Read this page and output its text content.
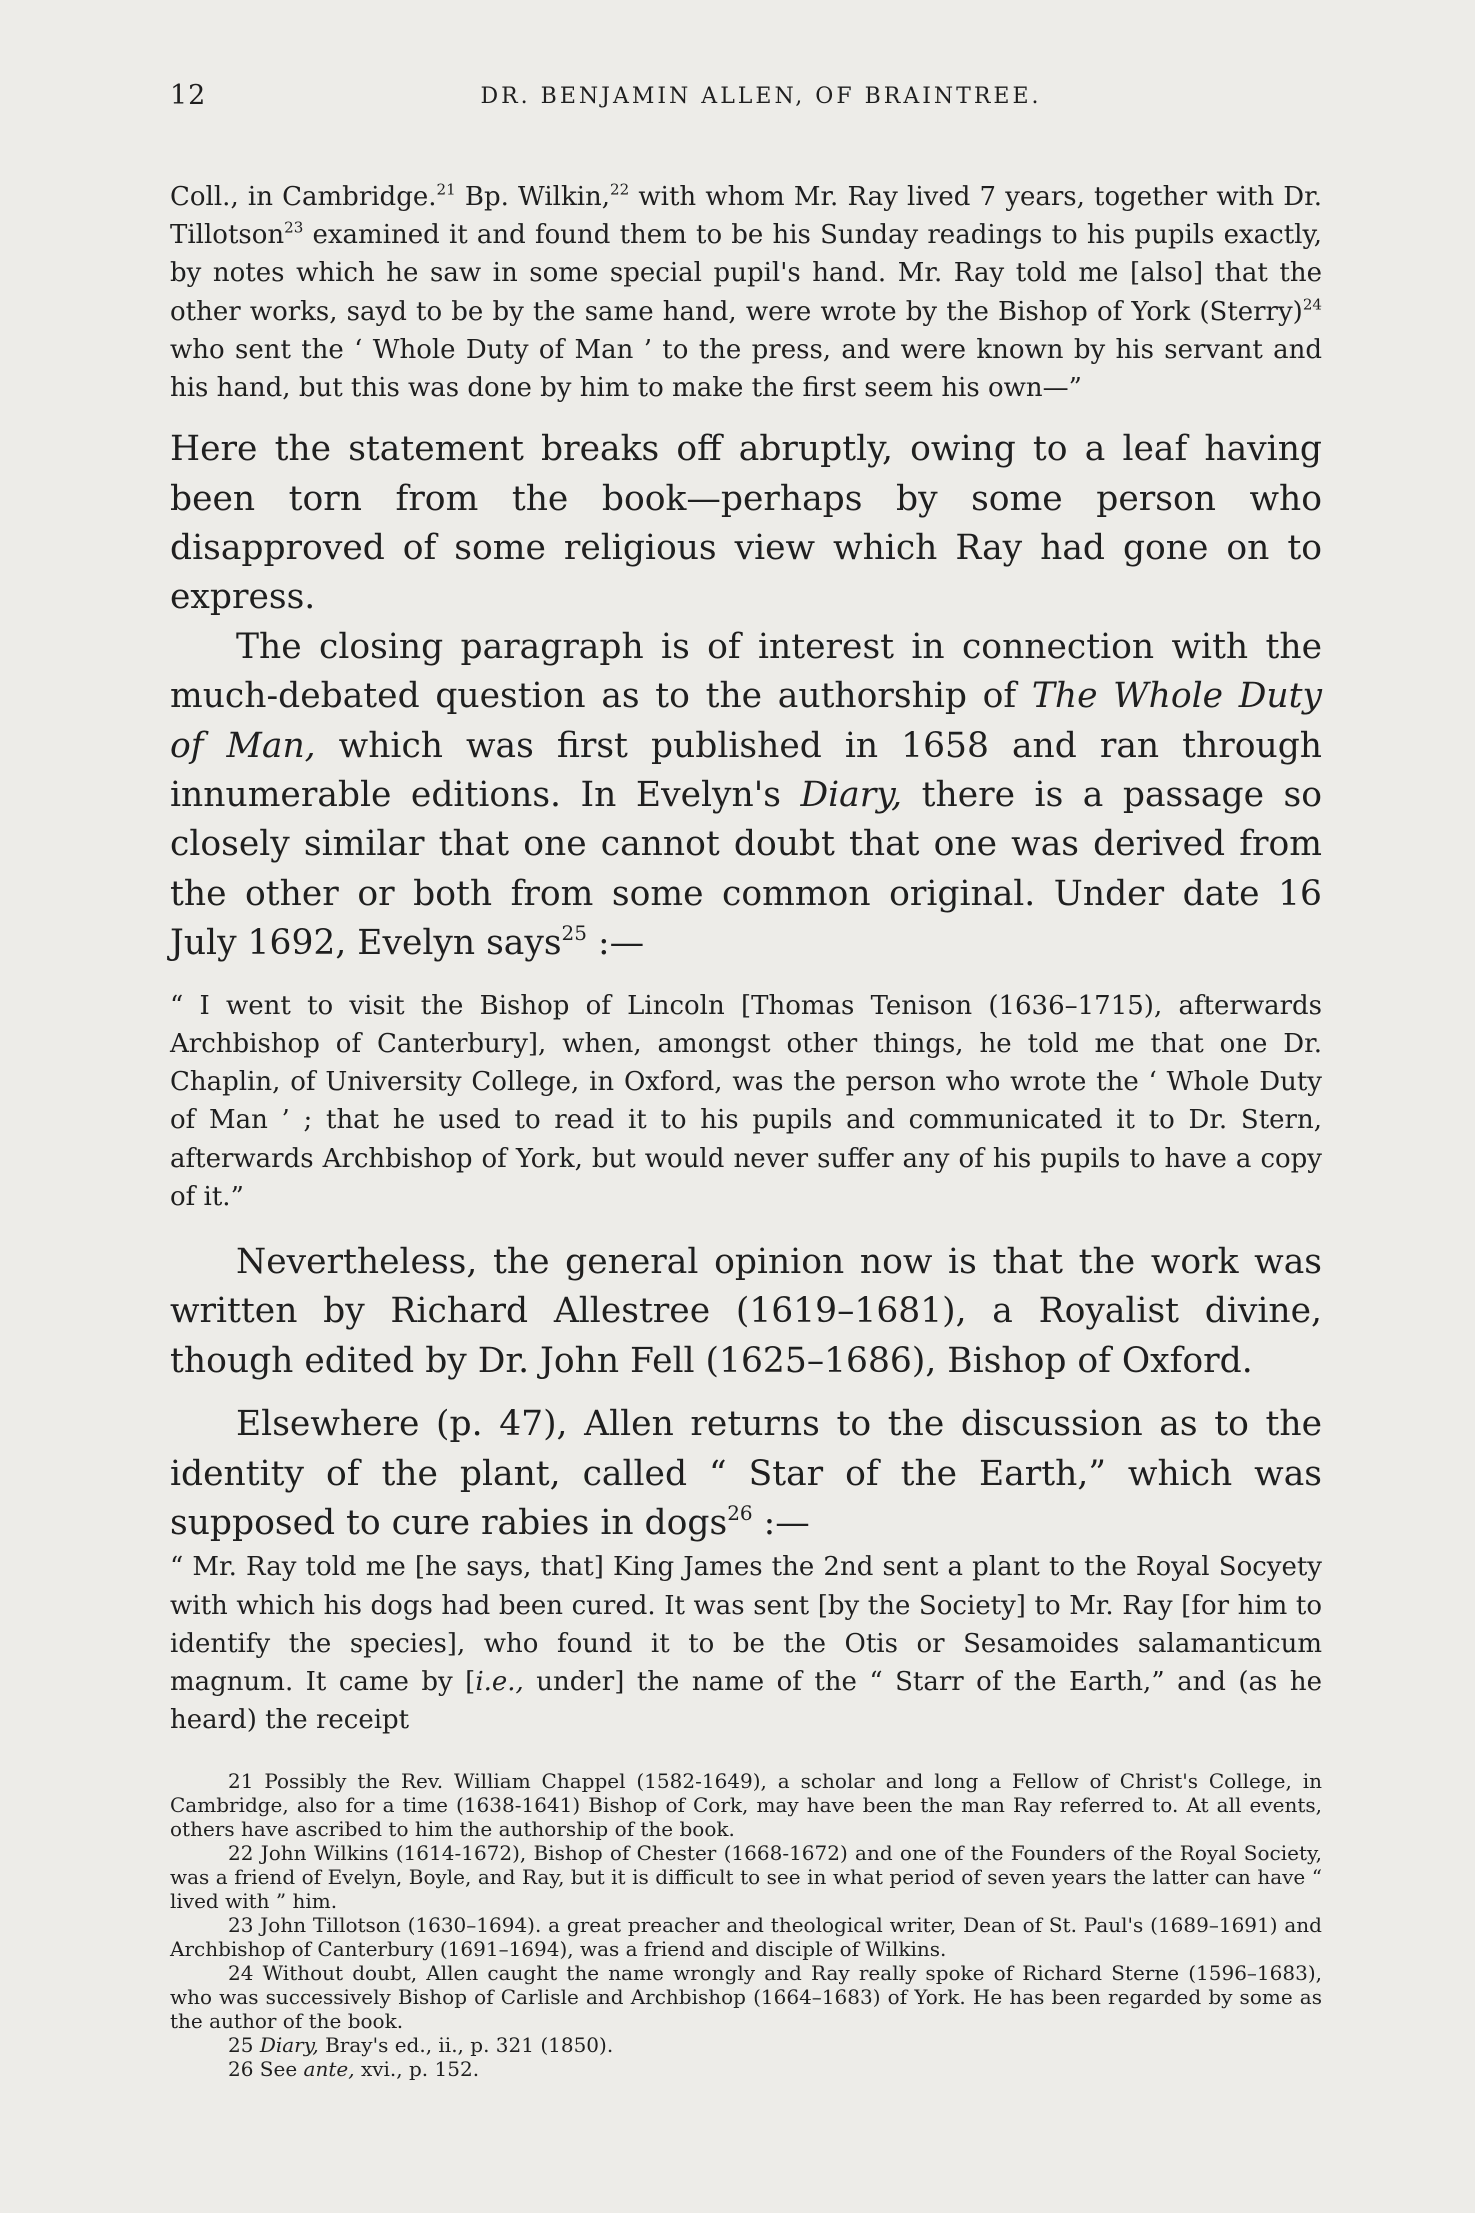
12	DR. BENJAMIN ALLEN, OF BRAINTREE.

Coll., in Cambridge.$^{21}$ Bp. Wilkin,$^{22}$ with whom Mr. Ray lived 7 years, together with Dr. Tillotson$^{23}$ examined it and found them to be his Sunday readings to his pupils exactly, by notes which he saw in some special pupil's hand. Mr. Ray told me [also] that the other works, sayd to be by the same hand, were wrote by the Bishop of York (Sterry)$^{24}$ who sent the ‘ Whole Duty of Man ’ to the press, and were known by his servant and his hand, but this was done by him to make the first seem his own—”

Here the statement breaks off abruptly, owing to a leaf having been torn from the book—perhaps by some person who disapproved of some religious view which Ray had gone on to express.

The closing paragraph is of interest in connection with the much-debated question as to the authorship of The Whole Duty of Man, which was first published in 1658 and ran through innumerable editions. In Evelyn's Diary, there is a passage so closely similar that one cannot doubt that one was derived from the other or both from some common original. Under date 16 July 1692, Evelyn says$^{25}$ :—

“ I went to visit the Bishop of Lincoln [Thomas Tenison (1636–1715), afterwards Archbishop of Canterbury], when, amongst other things, he told me that one Dr. Chaplin, of University College, in Oxford, was the person who wrote the ‘ Whole Duty of Man ’ ; that he used to read it to his pupils and communicated it to Dr. Stern, afterwards Archbishop of York, but would never suffer any of his pupils to have a copy of it.”

Nevertheless, the general opinion now is that the work was written by Richard Allestree (1619–1681), a Royalist divine, though edited by Dr. John Fell (1625–1686), Bishop of Oxford.

Elsewhere (p. 47), Allen returns to the discussion as to the identity of the plant, called “ Star of the Earth,” which was supposed to cure rabies in dogs$^{26}$ :—

“ Mr. Ray told me [he says, that] King James the 2nd sent a plant to the Royal Socyety with which his dogs had been cured. It was sent [by the Society] to Mr. Ray [for him to identify the species], who found it to be the Otis or Sesamoides salamanticum magnum. It came by [i.e., under] the name of the “ Starr of the Earth,” and (as he heard) the receipt

21 Possibly the Rev. William Chappel (1582-1649), a scholar and long a Fellow of Christ's College, in Cambridge, also for a time (1638-1641) Bishop of Cork, may have been the man Ray referred to. At all events, others have ascribed to him the authorship of the book.

22 John Wilkins (1614-1672), Bishop of Chester (1668-1672) and one of the Founders of the Royal Society, was a friend of Evelyn, Boyle, and Ray, but it is difficult to see in what period of seven years the latter can have “ lived with ” him.

23 John Tillotson (1630–1694). a great preacher and theological writer, Dean of St. Paul's (1689–1691) and Archbishop of Canterbury (1691–1694), was a friend and disciple of Wilkins.

24 Without doubt, Allen caught the name wrongly and Ray really spoke of Richard Sterne (1596–1683), who was successively Bishop of Carlisle and Archbishop (1664–1683) of York. He has been regarded by some as the author of the book.

25 Diary, Bray's ed., ii., p. 321 (1850).

26 See ante, xvi., p. 152.
